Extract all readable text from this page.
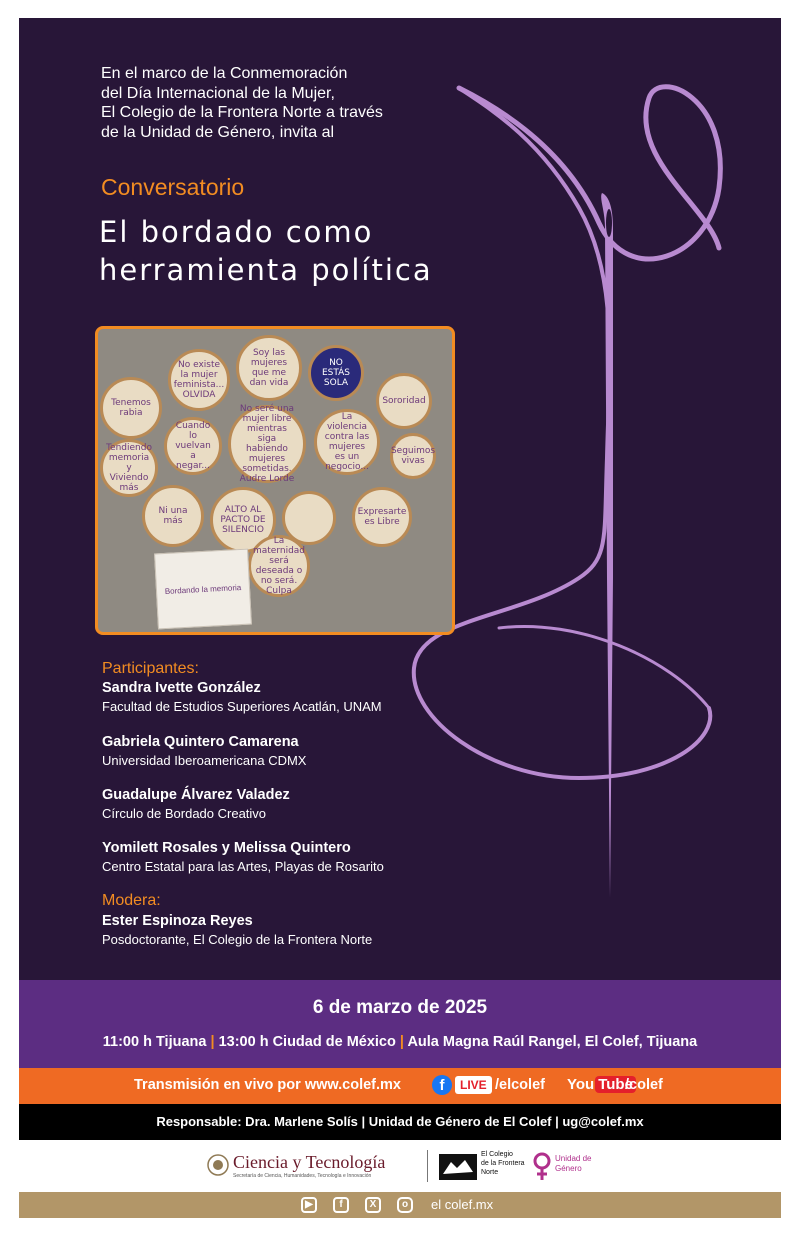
En el marco de la Conmemoración
del Día Internacional de la Mujer,
El Colegio de la Frontera Norte a través
de la Unidad de Género, invita al
Conversatorio
El bordado como
herramienta política
Tenemos rabia
No existe la mujer feminista... OLVIDA
Soy las mujeres que me dan vida
NO ESTÁS SOLA
Sororidad
Cuando lo vuelvan a negar...
No seré una mujer libre mientras siga habiendo mujeres sometidas. Audre Lorde
La violencia contra las mujeres es un negocio...
Seguimos vivas
Tendiendo memoria y Viviendo más
Ni una más
ALTO AL PACTO DE SILENCIO
Expresarte es Libre
La maternidad será deseada o no será. Culpa
Bordando la memoria
Participantes:
Sandra Ivette González
Facultad de Estudios Superiores Acatlán, UNAM
Gabriela Quintero Camarena
Universidad Iberoamericana CDMX
Guadalupe Álvarez Valadez
Círculo de Bordado Creativo
Yomilett Rosales y Melissa Quintero
Centro Estatal para las Artes, Playas de Rosarito
Modera:
Ester Espinoza Reyes
Posdoctorante, El Colegio de la Frontera Norte
6 de marzo de 2025
11:00 h Tijuana | 13:00 h Ciudad de México | Aula Magna Raúl Rangel, El Colef, Tijuana
Transmisión en vivo por www.colef.mx	f	LIVE /elcolef You Tube
/colef
Responsable: Dra. Marlene Solís | Unidad de Género de El Colef | ug@colef.mx
Ciencia y Tecnología
Secretaría de Ciencia, Humanidades, Tecnología e Innovación
El Colegio
de la Frontera
Norte
Unidad de
Género
▶	f	X	o	el colef.mx
